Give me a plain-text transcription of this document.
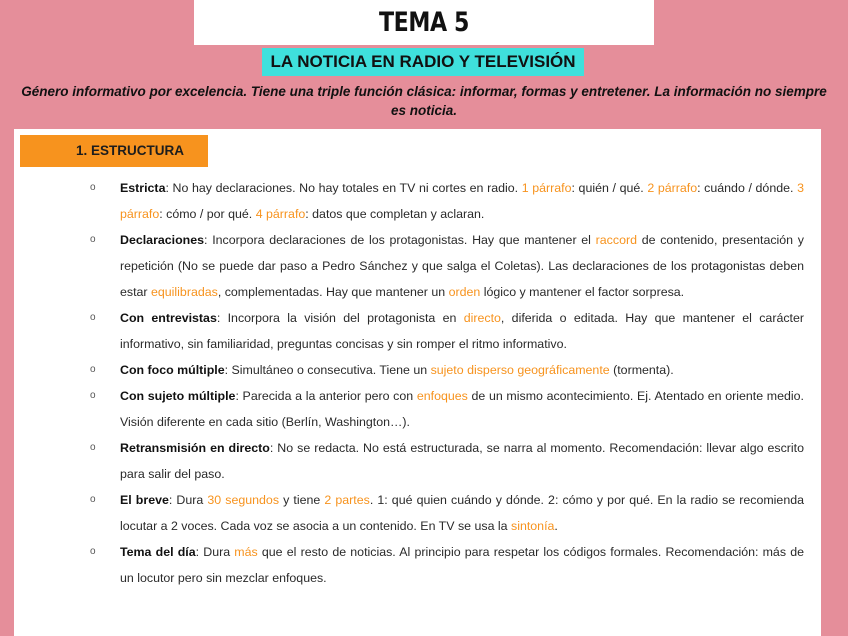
TEMA 5
LA NOTICIA EN RADIO Y TELEVISIÓN
Género informativo por excelencia. Tiene una triple función clásica: informar, formas y entretener. La información no siempre es noticia.
1. ESTRUCTURA
o Estricta: No hay declaraciones. No hay totales en TV ni cortes en radio. 1 párrafo: quién / qué. 2 párrafo: cuándo / dónde. 3 párrafo: cómo / por qué. 4 párrafo: datos que completan y aclaran.
o Declaraciones: Incorpora declaraciones de los protagonistas. Hay que mantener el raccord de contenido, presentación y repetición (No se puede dar paso a Pedro Sánchez y que salga el Coletas). Las declaraciones de los protagonistas deben estar equilibradas, complementadas. Hay que mantener un orden lógico y mantener el factor sorpresa.
o Con entrevistas: Incorpora la visión del protagonista en directo, diferida o editada. Hay que mantener el carácter informativo, sin familiaridad, preguntas concisas y sin romper el ritmo informativo.
o Con foco múltiple: Simultáneo o consecutiva. Tiene un sujeto disperso geográficamente (tormenta).
o Con sujeto múltiple: Parecida a la anterior pero con enfoques de un mismo acontecimiento. Ej. Atentado en oriente medio. Visión diferente en cada sitio (Berlín, Washington…).
o Retransmisión en directo: No se redacta. No está estructurada, se narra al momento. Recomendación: llevar algo escrito para salir del paso.
o El breve: Dura 30 segundos y tiene 2 partes. 1: qué quien cuándo y dónde. 2: cómo y por qué. En la radio se recomienda locutar a 2 voces. Cada voz se asocia a un contenido. En TV se usa la sintonía.
o Tema del día: Dura más que el resto de noticias. Al principio para respetar los códigos formales. Recomendación: más de un locutor pero sin mezclar enfoques.
